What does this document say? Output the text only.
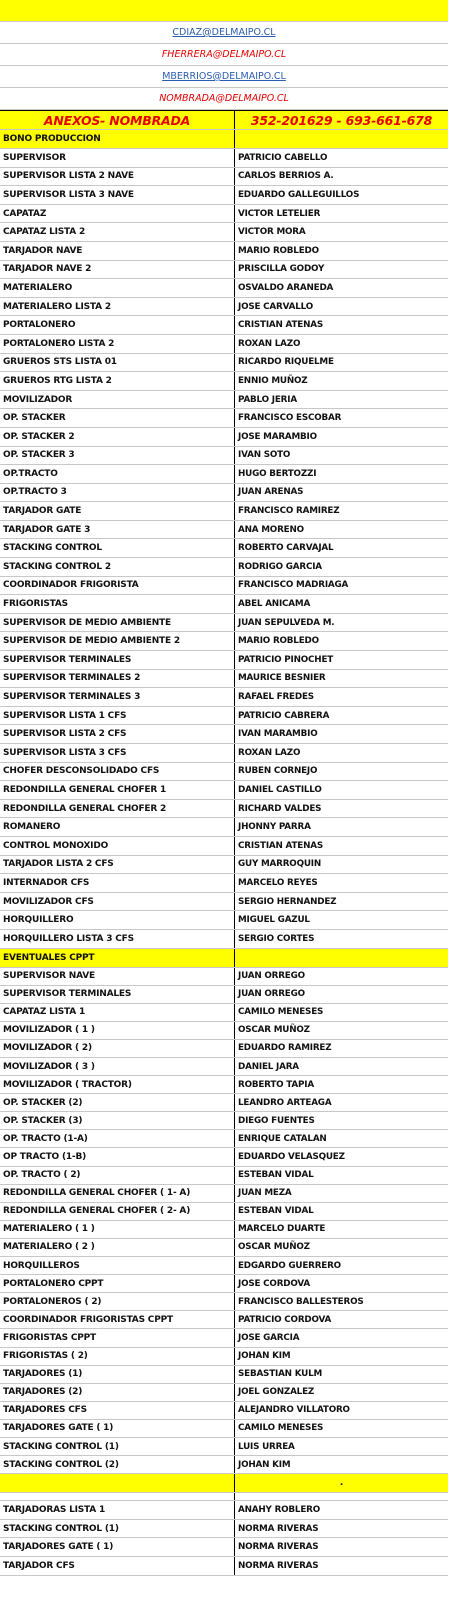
CDIAZ@DELMAIPO.CL
FHERRERA@DELMAIPO.CL
MBERRIOS@DELMAIPO.CL
NOMBRADA@DELMAIPO.CL
ANEXOS- NOMBRADA	352-201629 - 693-661-678
BONO PRODUCCION
SUPERVISOR	PATRICIO CABELLO
SUPERVISOR LISTA 2 NAVE	CARLOS BERRIOS A.
SUPERVISOR LISTA 3 NAVE	EDUARDO GALLEGUILLOS
CAPATAZ	VICTOR LETELIER
CAPATAZ LISTA 2	VICTOR MORA
TARJADOR NAVE	MARIO ROBLEDO
TARJADOR NAVE 2	PRISCILLA GODOY
MATERIALERO	OSVALDO ARANEDA
MATERIALERO LISTA 2	JOSE CARVALLO
PORTALONERO	CRISTIAN ATENAS
PORTALONERO LISTA 2	ROXAN LAZO
GRUEROS STS LISTA 01	RICARDO RIQUELME
GRUEROS RTG LISTA 2	ENNIO MUÑOZ
MOVILIZADOR	PABLO JERIA
OP. STACKER	FRANCISCO ESCOBAR
OP. STACKER 2	JOSE MARAMBIO
OP. STACKER 3	IVAN SOTO
OP.TRACTO	HUGO BERTOZZI
OP.TRACTO 3	JUAN ARENAS
TARJADOR GATE	FRANCISCO RAMIREZ
TARJADOR GATE 3	ANA MORENO
STACKING CONTROL	ROBERTO CARVAJAL
STACKING CONTROL 2	RODRIGO GARCIA
COORDINADOR FRIGORISTA	FRANCISCO MADRIAGA
FRIGORISTAS	ABEL ANICAMA
SUPERVISOR DE MEDIO AMBIENTE	JUAN SEPULVEDA M.
SUPERVISOR DE MEDIO AMBIENTE 2	MARIO ROBLEDO
SUPERVISOR TERMINALES	PATRICIO PINOCHET
SUPERVISOR TERMINALES 2	MAURICE BESNIER
SUPERVISOR TERMINALES 3	RAFAEL FREDES
SUPERVISOR LISTA 1 CFS	PATRICIO CABRERA
SUPERVISOR LISTA 2 CFS	IVAN MARAMBIO
SUPERVISOR LISTA 3 CFS	ROXAN LAZO
CHOFER DESCONSOLIDADO CFS	RUBEN CORNEJO
REDONDILLA GENERAL CHOFER 1	DANIEL CASTILLO
REDONDILLA GENERAL CHOFER 2	RICHARD VALDES
ROMANERO	JHONNY PARRA
CONTROL MONOXIDO	CRISTIAN ATENAS
TARJADOR LISTA 2 CFS	GUY MARROQUIN
INTERNADOR CFS	MARCELO REYES
MOVILIZADOR CFS	SERGIO HERNANDEZ
HORQUILLERO	MIGUEL GAZUL
HORQUILLERO LISTA 3 CFS	SERGIO CORTES
EVENTUALES CPPT
SUPERVISOR NAVE	JUAN ORREGO
SUPERVISOR TERMINALES	JUAN ORREGO
CAPATAZ LISTA 1	CAMILO MENESES
MOVILIZADOR ( 1 )	OSCAR MUÑOZ
MOVILIZADOR ( 2)	EDUARDO RAMIREZ
MOVILIZADOR ( 3 )	DANIEL JARA
MOVILIZADOR ( TRACTOR)	ROBERTO TAPIA
OP. STACKER (2)	LEANDRO ARTEAGA
OP. STACKER (3)	DIEGO FUENTES
OP. TRACTO (1-A)	ENRIQUE CATALAN
OP TRACTO (1-B)	EDUARDO VELASQUEZ
OP. TRACTO ( 2)	ESTEBAN VIDAL
REDONDILLA GENERAL CHOFER ( 1- A)	JUAN MEZA
REDONDILLA GENERAL CHOFER ( 2- A)	ESTEBAN VIDAL
MATERIALERO ( 1 )	MARCELO DUARTE
MATERIALERO ( 2 )	OSCAR MUÑOZ
HORQUILLEROS	EDGARDO GUERRERO
PORTALONERO CPPT	JOSE CORDOVA
PORTALONEROS ( 2)	FRANCISCO BALLESTEROS
COORDINADOR FRIGORISTAS CPPT	PATRICIO CORDOVA
FRIGORISTAS CPPT	JOSE GARCIA
FRIGORISTAS ( 2)	JOHAN KIM
TARJADORES (1)	SEBASTIAN KULM
TARJADORES (2)	JOEL GONZALEZ
TARJADORES CFS	ALEJANDRO VILLATORO
TARJADORES GATE ( 1)	CAMILO MENESES
STACKING CONTROL (1)	LUIS URREA
STACKING CONTROL (2)	JOHAN KIM
.
TARJADORAS LISTA 1	ANAHY ROBLERO
STACKING CONTROL (1)	NORMA RIVERAS
TARJADORES GATE ( 1)	NORMA RIVERAS
TARJADOR CFS	NORMA RIVERAS
